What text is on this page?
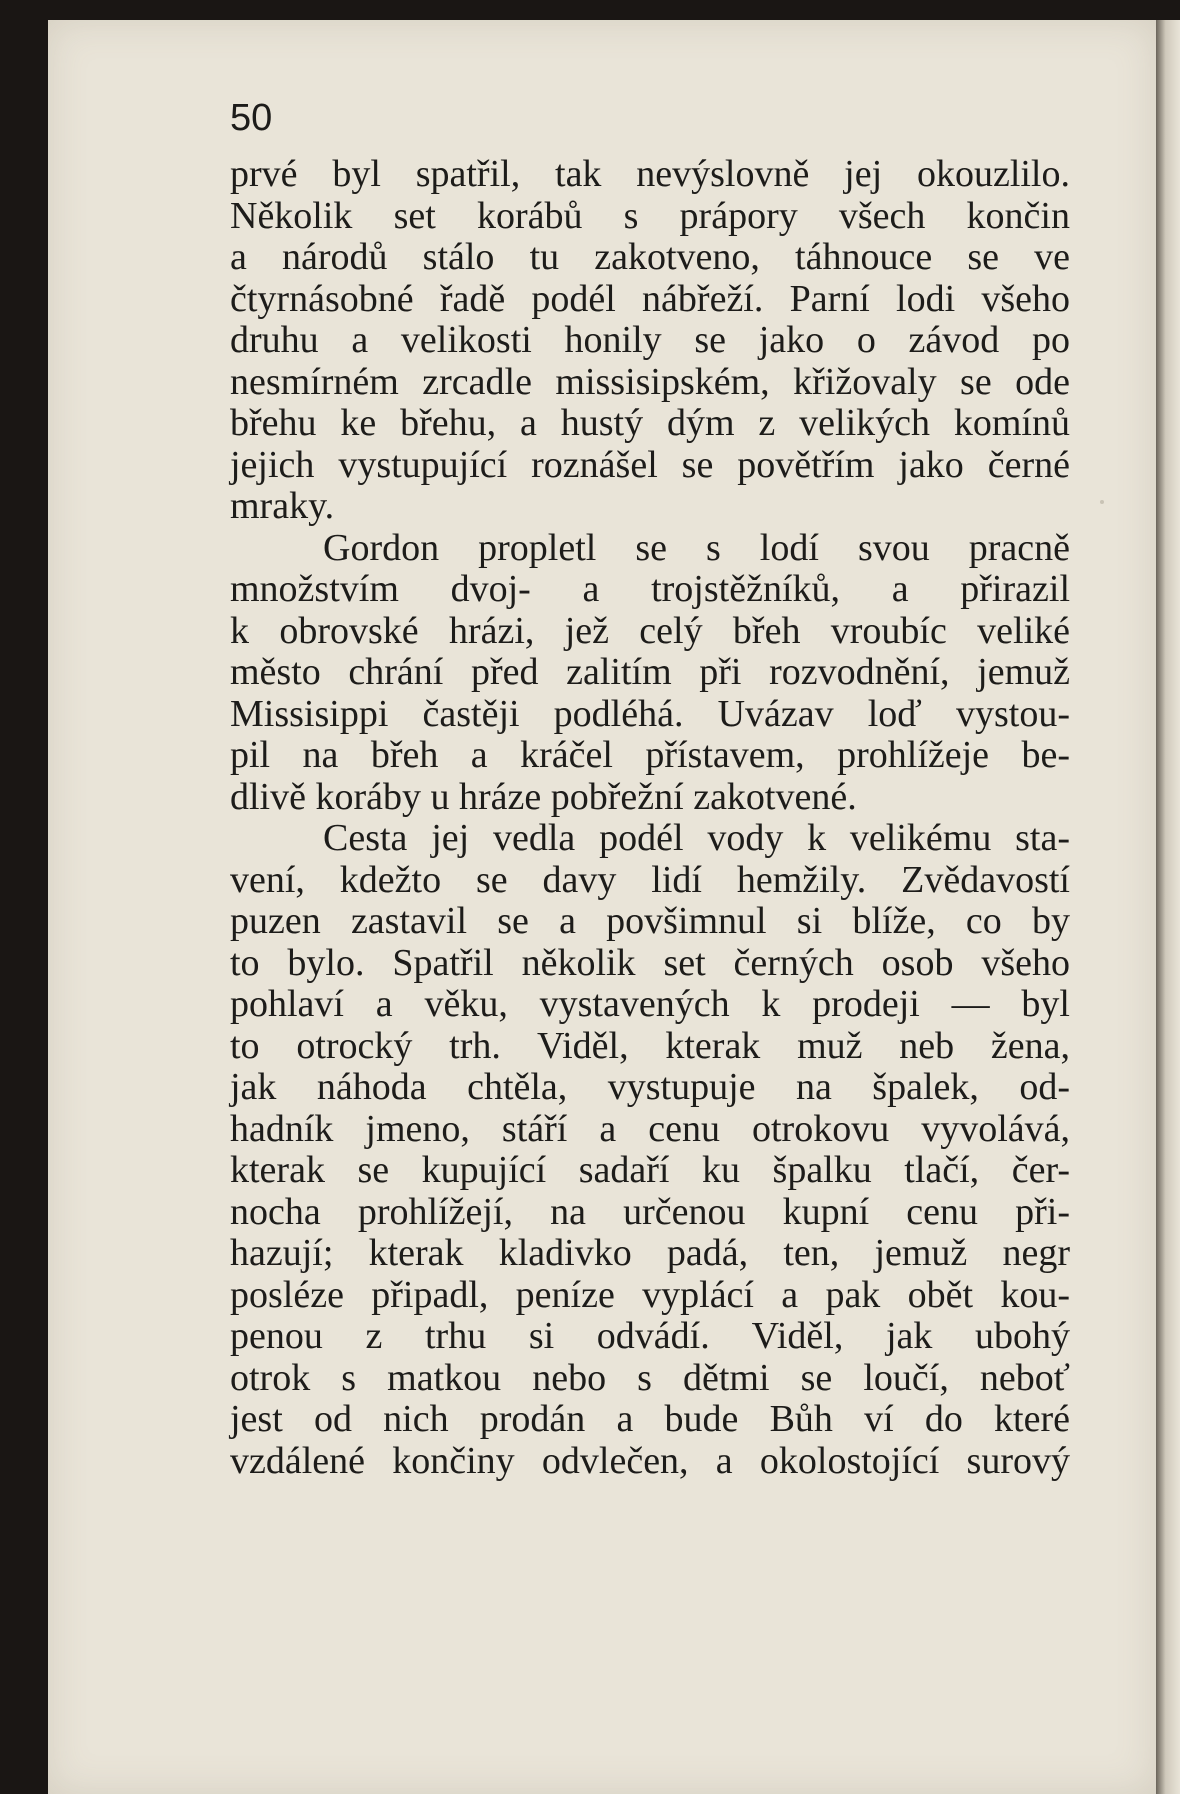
50
prvé byl spatřil, tak nevýslovně jej okouzlilo.
Několik set korábů s prápory všech končin
a národů stálo tu zakotveno, táhnouce se ve
čtyrnásobné řadě podél nábřeží. Parní lodi všeho
druhu a velikosti honily se jako o závod po
nesmírném zrcadle missisipském, křižovaly se ode
břehu ke břehu, a hustý dým z velikých komínů
jejich vystupující roznášel se povětřím jako černé
mraky.
Gordon propletl se s lodí svou pracně
množstvím dvoj- a trojstěžníků, a přirazil
k obrovské hrázi, jež celý břeh vroubíc veliké
město chrání před zalitím při rozvodnění, jemuž
Missisippi častěji podléhá. Uvázav loď vystou-
pil na břeh a kráčel přístavem, prohlížeje be-
dlivě koráby u hráze pobřežní zakotvené.
Cesta jej vedla podél vody k velikému sta-
vení, kdežto se davy lidí hemžily. Zvědavostí
puzen zastavil se a povšimnul si blíže, co by
to bylo. Spatřil několik set černých osob všeho
pohlaví a věku, vystavených k prodeji — byl
to otrocký trh. Viděl, kterak muž neb žena,
jak náhoda chtěla, vystupuje na špalek, od-
hadník jmeno, stáří a cenu otrokovu vyvolává,
kterak se kupující sadaří ku špalku tlačí, čer-
nocha prohlížejí, na určenou kupní cenu při-
hazují; kterak kladivko padá, ten, jemuž negr
posléze připadl, peníze vyplácí a pak obět kou-
penou z trhu si odvádí. Viděl, jak ubohý
otrok s matkou nebo s dětmi se loučí, neboť
jest od nich prodán a bude Bůh ví do které
vzdálené končiny odvlečen, a okolostojící surový
